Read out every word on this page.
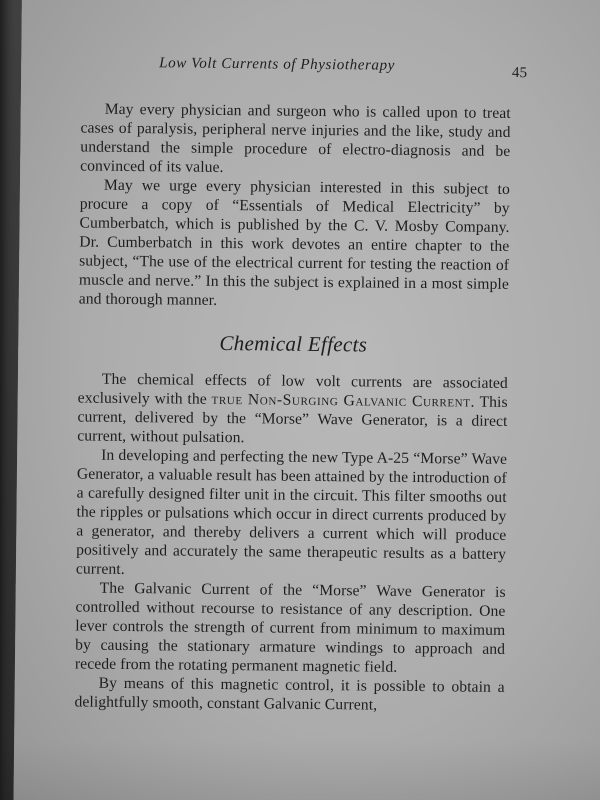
Low Volt Currents of Physiotherapy	45

May every physician and surgeon who is called upon to treat cases of paralysis, peripheral nerve injuries and the like, study and understand the simple procedure of electro-diagnosis and be convinced of its value.

May we urge every physician interested in this subject to procure a copy of “Essentials of Medical Electricity” by Cumberbatch, which is published by the C. V. Mosby Company. Dr. Cumberbatch in this work devotes an entire chapter to the subject, “The use of the electrical current for testing the reaction of muscle and nerve.” In this the subject is explained in a most simple and thorough manner.

Chemical Effects

The chemical effects of low volt currents are associated exclusively with the true Non-Surging Galvanic Current. This current, delivered by the “Morse” Wave Generator, is a direct current, without pulsation.

In developing and perfecting the new Type A-25 “Morse” Wave Generator, a valuable result has been attained by the introduction of a carefully designed filter unit in the circuit. This filter smooths out the ripples or pulsations which occur in direct currents produced by a generator, and thereby delivers a current which will produce positively and accurately the same therapeutic results as a battery current.

The Galvanic Current of the “Morse” Wave Generator is controlled without recourse to resistance of any description. One lever controls the strength of current from minimum to maximum by causing the stationary armature windings to approach and recede from the rotating permanent magnetic field.

By means of this magnetic control, it is possible to obtain a delightfully smooth, constant Galvanic Current,
